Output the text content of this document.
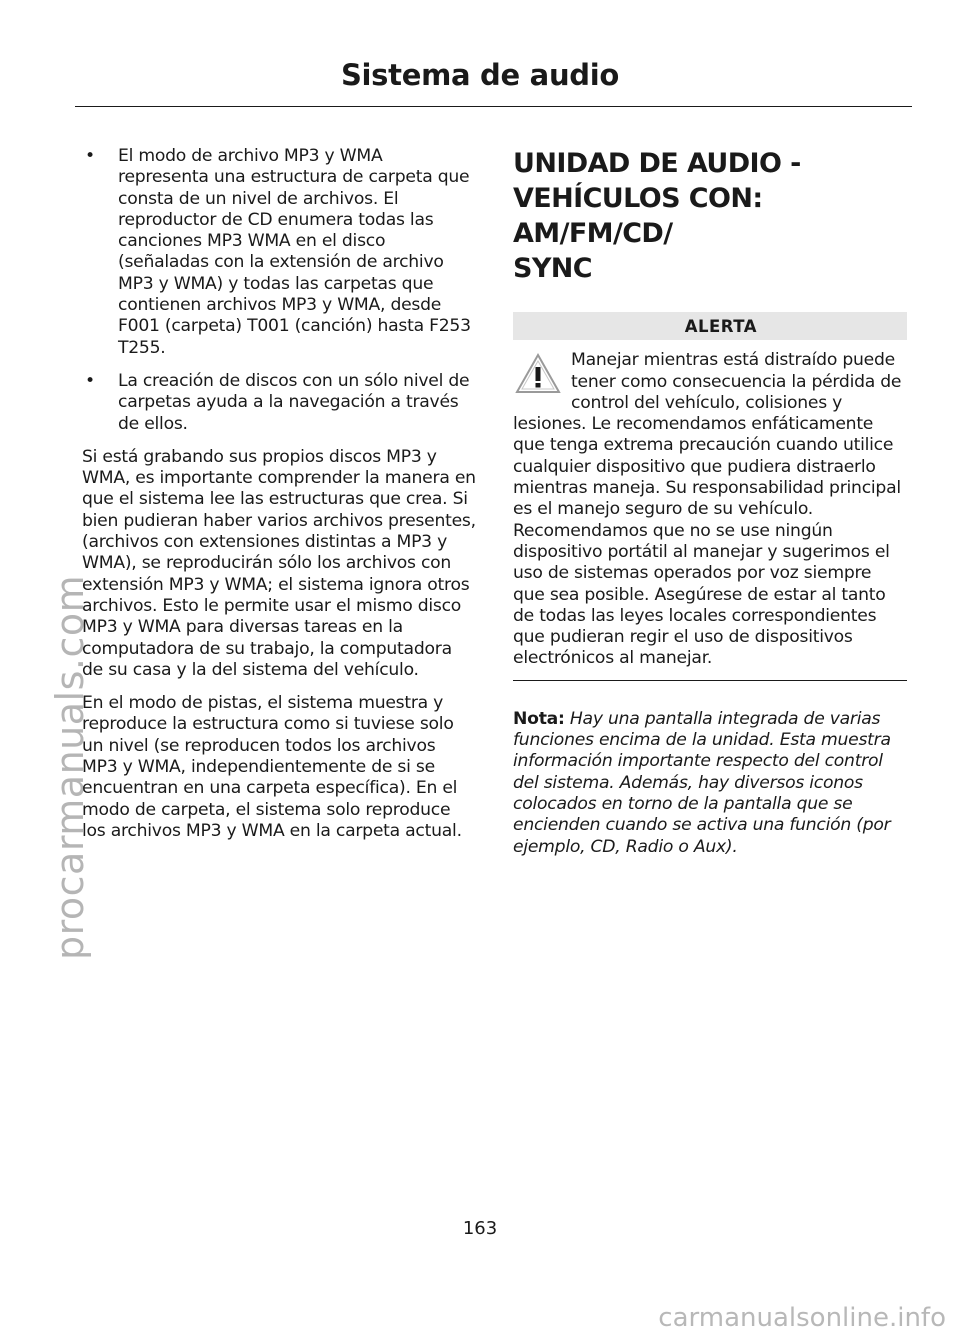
Sistema de audio
• El modo de archivo MP3 y WMA representa una estructura de carpeta que consta de un nivel de archivos. El reproductor de CD enumera todas las canciones MP3 WMA en el disco (señaladas con la extensión de archivo MP3 y WMA) y todas las carpetas que contienen archivos MP3 y WMA, desde F001 (carpeta) T001 (canción) hasta F253 T255.
• La creación de discos con un sólo nivel de carpetas ayuda a la navegación a través de ellos.

Si está grabando sus propios discos MP3 y WMA, es importante comprender la manera en que el sistema lee las estructuras que crea. Si bien pudieran haber varios archivos presentes, (archivos con extensiones distintas a MP3 y WMA), se reproducirán sólo los archivos con extensión MP3 y WMA; el sistema ignora otros archivos. Esto le permite usar el mismo disco MP3 y WMA para diversas tareas en la computadora de su trabajo, la computadora de su casa y la del sistema del vehículo.

En el modo de pistas, el sistema muestra y reproduce la estructura como si tuviese solo un nivel (se reproducen todos los archivos MP3 y WMA, independientemente de si se encuentran en una carpeta específica). En el modo de carpeta, el sistema solo reproduce los archivos MP3 y WMA en la carpeta actual.

UNIDAD DE AUDIO -
VEHÍCULOS CON: AM/FM/CD/
SYNC
ALERTA
Manejar mientras está distraído puede tener como consecuencia la pérdida de control del vehículo, colisiones y lesiones. Le recomendamos enfáticamente que tenga extrema precaución cuando utilice cualquier dispositivo que pudiera distraerlo mientras maneja. Su responsabilidad principal es el manejo seguro de su vehículo. Recomendamos que no se use ningún dispositivo portátil al manejar y sugerimos el uso de sistemas operados por voz siempre que sea posible. Asegúrese de estar al tanto de todas las leyes locales correspondientes que pudieran regir el uso de dispositivos electrónicos al manejar.

Nota: Hay una pantalla integrada de varias funciones encima de la unidad. Esta muestra información importante respecto del control del sistema. Además, hay diversos iconos colocados en torno de la pantalla que se encienden cuando se activa una función (por ejemplo, CD, Radio o Aux).

163
procarmanuals.com
carmanualsonline.info
